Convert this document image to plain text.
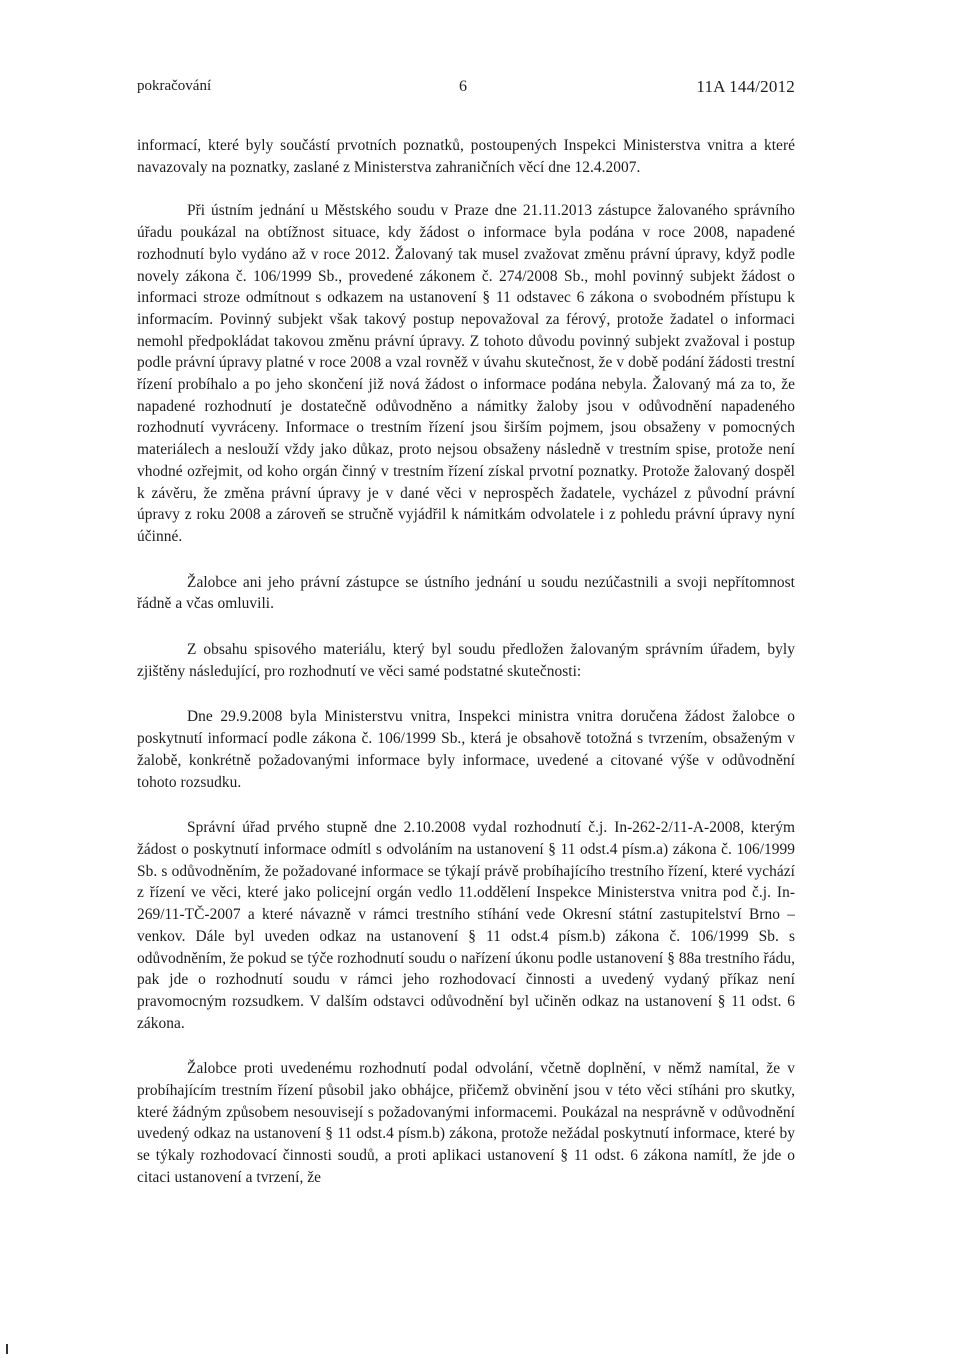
pokračování	6	11A 144/2012

informací, které byly součástí prvotních poznatků, postoupených Inspekci Ministerstva vnitra a které navazovaly na poznatky, zaslané z Ministerstva zahraničních věcí dne 12.4.2007.

Při ústním jednání u Městského soudu v Praze dne 21.11.2013 zástupce žalovaného správního úřadu poukázal na obtížnost situace, kdy žádost o informace byla podána v roce 2008, napadené rozhodnutí bylo vydáno až v roce 2012. Žalovaný tak musel zvažovat změnu právní úpravy, když podle novely zákona č. 106/1999 Sb., provedené zákonem č. 274/2008 Sb., mohl povinný subjekt žádost o informaci stroze odmítnout s odkazem na ustanovení § 11 odstavec 6 zákona o svobodném přístupu k informacím. Povinný subjekt však takový postup nepovažoval za férový, protože žadatel o informaci nemohl předpokládat takovou změnu právní úpravy. Z tohoto důvodu povinný subjekt zvažoval i postup podle právní úpravy platné v roce 2008 a vzal rovněž v úvahu skutečnost, že v době podání žádosti trestní řízení probíhalo a po jeho skončení již nová žádost o informace podána nebyla. Žalovaný má za to, že napadené rozhodnutí je dostatečně odůvodněno a námitky žaloby jsou v odůvodnění napadeného rozhodnutí vyvráceny. Informace o trestním řízení jsou širším pojmem, jsou obsaženy v pomocných materiálech a neslouží vždy jako důkaz, proto nejsou obsaženy následně v trestním spise, protože není vhodné ozřejmit, od koho orgán činný v trestním řízení získal prvotní poznatky. Protože žalovaný dospěl k závěru, že změna právní úpravy je v dané věci v neprospěch žadatele, vycházel z původní právní úpravy z roku 2008 a zároveň se stručně vyjádřil k námitkám odvolatele i z pohledu právní úpravy nyní účinné.

Žalobce ani jeho právní zástupce se ústního jednání u soudu nezúčastnili a svoji nepřítomnost řádně a včas omluvili.

Z obsahu spisového materiálu, který byl soudu předložen žalovaným správním úřadem, byly zjištěny následující, pro rozhodnutí ve věci samé podstatné skutečnosti:

Dne 29.9.2008 byla Ministerstvu vnitra, Inspekci ministra vnitra doručena žádost žalobce o poskytnutí informací podle zákona č. 106/1999 Sb., která je obsahově totožná s tvrzením, obsaženým v žalobě, konkrétně požadovanými informace byly informace, uvedené a citované výše v odůvodnění tohoto rozsudku.

Správní úřad prvého stupně dne 2.10.2008 vydal rozhodnutí č.j. In-262-2/11-A-2008, kterým žádost o poskytnutí informace odmítl s odvoláním na ustanovení § 11 odst.4 písm.a) zákona č. 106/1999 Sb. s odůvodněním, že požadované informace se týkají právě probíhajícího trestního řízení, které vychází z řízení ve věci, které jako policejní orgán vedlo 11.oddělení Inspekce Ministerstva vnitra pod č.j. In-269/11-TČ-2007 a které návazně v rámci trestního stíhání vede Okresní státní zastupitelství Brno – venkov. Dále byl uveden odkaz na ustanovení § 11 odst.4 písm.b) zákona č. 106/1999 Sb. s odůvodněním, že pokud se týče rozhodnutí soudu o nařízení úkonu podle ustanovení § 88a trestního řádu, pak jde o rozhodnutí soudu v rámci jeho rozhodovací činnosti a uvedený vydaný příkaz není pravomocným rozsudkem. V dalším odstavci odůvodnění byl učiněn odkaz na ustanovení § 11 odst. 6 zákona.

Žalobce proti uvedenému rozhodnutí podal odvolání, včetně doplnění, v němž namítal, že v probíhajícím trestním řízení působil jako obhájce, přičemž obvinění jsou v této věci stíháni pro skutky, které žádným způsobem nesouvisejí s požadovanými informacemi. Poukázal na nesprávně v odůvodnění uvedený odkaz na ustanovení § 11 odst.4 písm.b) zákona, protože nežádal poskytnutí informace, které by se týkaly rozhodovací činnosti soudů, a proti aplikaci ustanovení § 11 odst. 6 zákona namítl, že jde o citaci ustanovení a tvrzení, že
